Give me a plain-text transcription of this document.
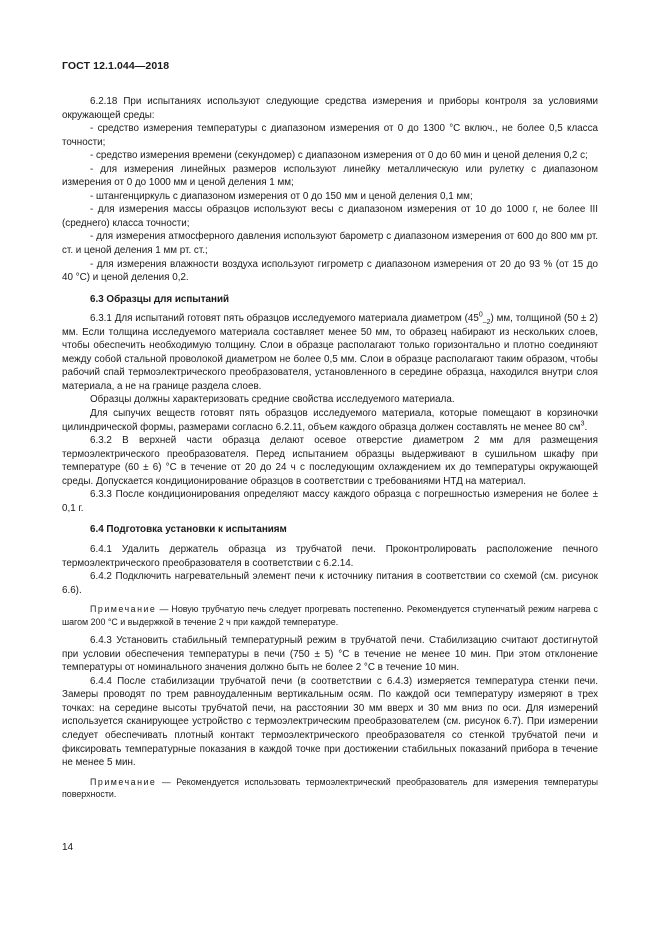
ГОСТ 12.1.044—2018

6.2.18 При испытаниях используют следующие средства измерения и приборы контроля за условиями окружающей среды:

- средство измерения температуры с диапазоном измерения от 0 до 1300 °С включ., не более 0,5 класса точности;

- средство измерения времени (секундомер) с диапазоном измерения от 0 до 60 мин и ценой деления 0,2 с;

- для измерения линейных размеров используют линейку металлическую или рулетку с диапазоном измерения от 0 до 1000 мм и ценой деления 1 мм;

- штангенциркуль с диапазоном измерения от 0 до 150 мм и ценой деления 0,1 мм;

- для измерения массы образцов используют весы с диапазоном измерения от 10 до 1000 г, не более III (среднего) класса точности;

- для измерения атмосферного давления используют барометр с диапазоном измерения от 600 до 800 мм рт. ст. и ценой деления 1 мм рт. ст.;

- для измерения влажности воздуха используют гигрометр с диапазоном измерения от 20 до 93 % (от 15 до 40 °С) и ценой деления 0,2.

6.3 Образцы для испытаний

6.3.1 Для испытаний готовят пять образцов исследуемого материала диаметром $(45^0_{-2})$ мм, толщиной (50 ± 2) мм. Если толщина исследуемого материала составляет менее 50 мм, то образец набирают из нескольких слоев, чтобы обеспечить необходимую толщину. Слои в образце располагают только горизонтально и плотно соединяют между собой стальной проволокой диаметром не более 0,5 мм. Слои в образце располагают таким образом, чтобы рабочий спай термоэлектрического преобразователя, установленного в середине образца, находился внутри слоя материала, а не на границе раздела слоев.

Образцы должны характеризовать средние свойства исследуемого материала.

Для сыпучих веществ готовят пять образцов исследуемого материала, которые помещают в корзиночки цилиндрической формы, размерами согласно 6.2.11, объем каждого образца должен составлять не менее 80 $см^3$.

6.3.2 В верхней части образца делают осевое отверстие диаметром 2 мм для размещения термоэлектрического преобразователя. Перед испытанием образцы выдерживают в сушильном шкафу при температуре (60 ± 6) °С в течение от 20 до 24 ч с последующим охлаждением их до температуры окружающей среды. Допускается кондиционирование образцов в соответствии с требованиями НТД на материал.

6.3.3 После кондиционирования определяют массу каждого образца с погрешностью измерения не более ± 0,1 г.

6.4 Подготовка установки к испытаниям

6.4.1 Удалить держатель образца из трубчатой печи. Проконтролировать расположение печного термоэлектрического преобразователя в соответствии с 6.2.14.

6.4.2 Подключить нагревательный элемент печи к источнику питания в соответствии со схемой (см. рисунок 6.6).

Примечание — Новую трубчатую печь следует прогревать постепенно. Рекомендуется ступенчатый режим нагрева с шагом 200 °С и выдержкой в течение 2 ч при каждой температуре.

6.4.3 Установить стабильный температурный режим в трубчатой печи. Стабилизацию считают достигнутой при условии обеспечения температуры в печи (750 ± 5) °С в течение не менее 10 мин. При этом отклонение температуры от номинального значения должно быть не более 2 °С в течение 10 мин.

6.4.4 После стабилизации трубчатой печи (в соответствии с 6.4.3) измеряется температура стенки печи. Замеры проводят по трем равноудаленным вертикальным осям. По каждой оси температуру измеряют в трех точках: на середине высоты трубчатой печи, на расстоянии 30 мм вверх и 30 мм вниз по оси. Для измерений используется сканирующее устройство с термоэлектрическим преобразователем (см. рисунок 6.7). При измерении следует обеспечивать плотный контакт термоэлектрического преобразователя со стенкой трубчатой печи и фиксировать температурные показания в каждой точке при достижении стабильных показаний прибора в течение не менее 5 мин.

Примечание — Рекомендуется использовать термоэлектрический преобразователь для измерения температуры поверхности.

14
